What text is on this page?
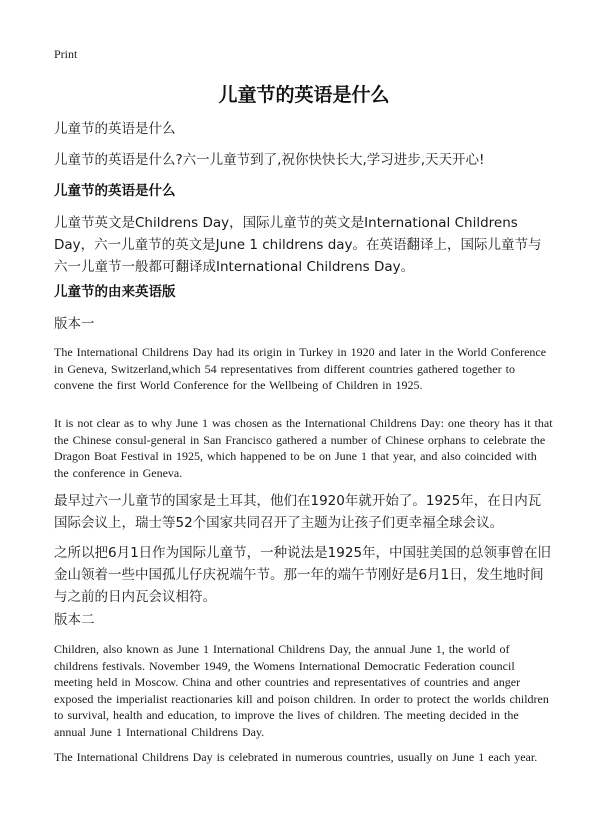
Print
儿童节的英语是什么

儿童节的英语是什么

儿童节的英语是什么?六一儿童节到了,祝你快快长大,学习进步,天天开心!

儿童节的英语是什么

儿童节英文是Childrens Day，国际儿童节的英文是International Childrens Day，六一儿童节的英文是June 1 childrens day。在英语翻译上，国际儿童节与六一儿童节一般都可翻译成International Childrens Day。

儿童节的由来英语版

版本一

The International Childrens Day had its origin in Turkey in 1920 and later in the World Conference in Geneva, Switzerland,which 54 representatives from different countries gathered together to convene the first World Conference for the Wellbeing of Children in 1925.

It is not clear as to why June 1 was chosen as the International Childrens Day: one theory has it that the Chinese consul-general in San Francisco gathered a number of Chinese orphans to celebrate the Dragon Boat Festival in 1925, which happened to be on June 1 that year, and also coincided with the conference in Geneva.

最早过六一儿童节的国家是土耳其，他们在1920年就开始了。1925年，在日内瓦国际会议上，瑞士等52个国家共同召开了主题为让孩子们更幸福全球会议。

之所以把6月1日作为国际儿童节，一种说法是1925年，中国驻美国的总领事曾在旧金山领着一些中国孤儿仔庆祝端午节。那一年的端午节刚好是6月1日，发生地时间与之前的日内瓦会议相符。

版本二

Children, also known as June 1 International Childrens Day, the annual June 1, the world of childrens festivals. November 1949, the Womens International Democratic Federation council meeting held in Moscow. China and other countries and representatives of countries and anger exposed the imperialist reactionaries kill and poison children. In order to protect the worlds children to survival, health and education, to improve the lives of children. The meeting decided in the annual June 1 International Childrens Day.

The International Childrens Day is celebrated in numerous countries, usually on June 1 each year.
